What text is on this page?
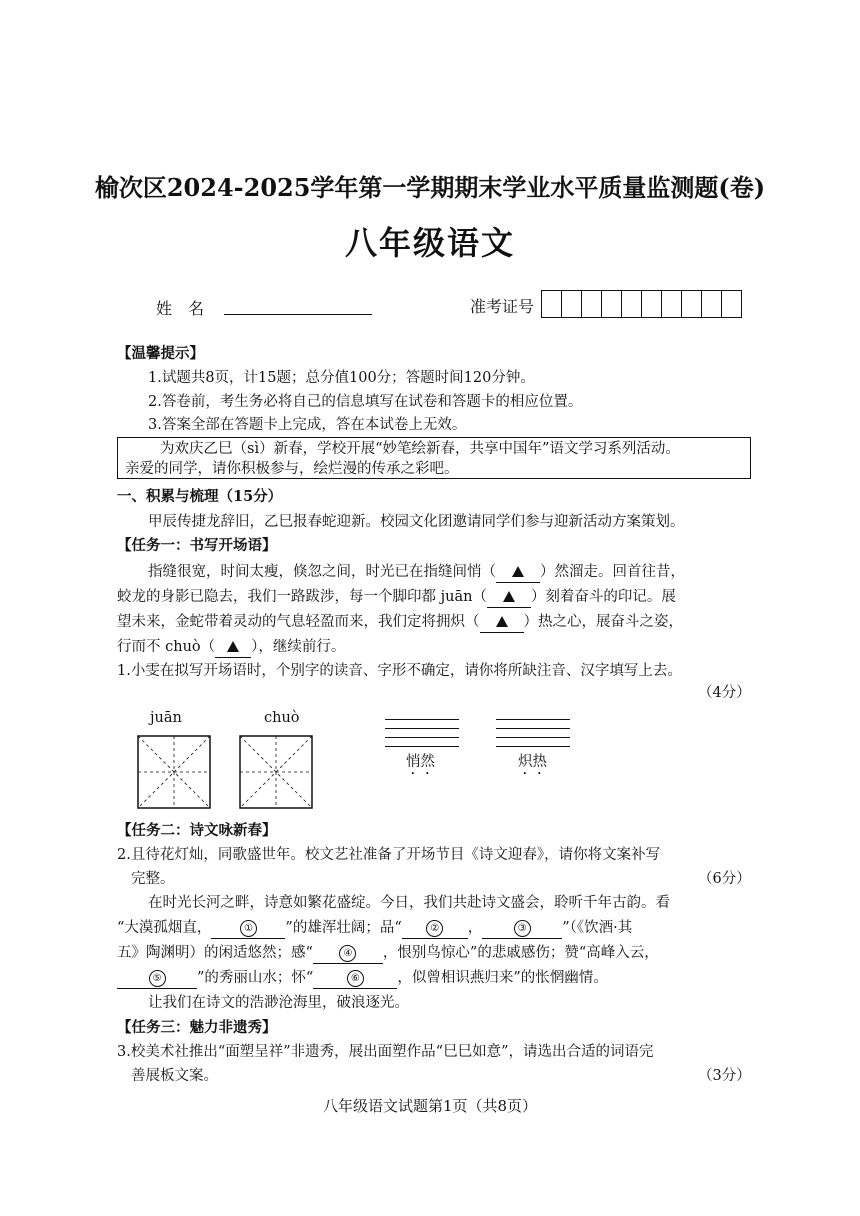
榆次区2024-2025学年第一学期期末学业水平质量监测题(卷)
八年级语文
姓　名	准考证号
【温馨提示】
1.试题共8页，计15题；总分值100分；答题时间120分钟。
2.答卷前，考生务必将自己的信息填写在试卷和答题卡的相应位置。
3.答案全部在答题卡上完成，答在本试卷上无效。
为欢庆乙巳（sì）新春，学校开展“妙笔绘新春，共享中国年”语文学习系列活动。
亲爱的同学，请你积极参与，绘烂漫的传承之彩吧。
一、积累与梳理（15分）
甲辰传捷龙辞旧，乙巳报春蛇迎新。校园文化团邀请同学们参与迎新活动方案策划。
【任务一：书写开场语】
指缝很宽，时间太瘦，倏忽之间，时光已在指缝间悄（	）然溜走。回首往昔，
蛟龙的身影已隐去，我们一路跋涉，每一个脚印都 juān（	）刻着奋斗的印记。展
望未来，金蛇带着灵动的气息轻盈而来，我们定将拥炽（	）热之心，展奋斗之姿，
行而不 chuò（ ），继续前行。
1.小雯在拟写开场语时，个别字的读音、字形不确定，请你将所缺注音、汉字填写上去。
（4分）
juān	chuò
悄然	炽热
【任务二：诗文咏新春】
2.且待花灯灿，同歌盛世年。校文艺社准备了开场节目《诗文迎春》，请你将文案补写
完整。	（6分）
在时光长河之畔，诗意如繁花盛绽。今日，我们共赴诗文盛会，聆听千年古韵。看
“大漠孤烟直，	① ”的雄浑壮阔；品“	② ，	③ ”（《饮酒·其
五》陶渊明）的闲适悠然；感“	④ ，恨别鸟惊心”的悲戚感伤；赞“高峰入云，
⑤ ”的秀丽山水；怀“	⑥	，似曾相识燕归来”的怅惘幽情。
让我们在诗文的浩渺沧海里，破浪逐光。
【任务三：魅力非遗秀】
3.校美术社推出“面塑呈祥”非遗秀，展出面塑作品“巳巳如意”，请选出合适的词语完
善展板文案。	（3分）
八年级语文试题第1页（共8页）
